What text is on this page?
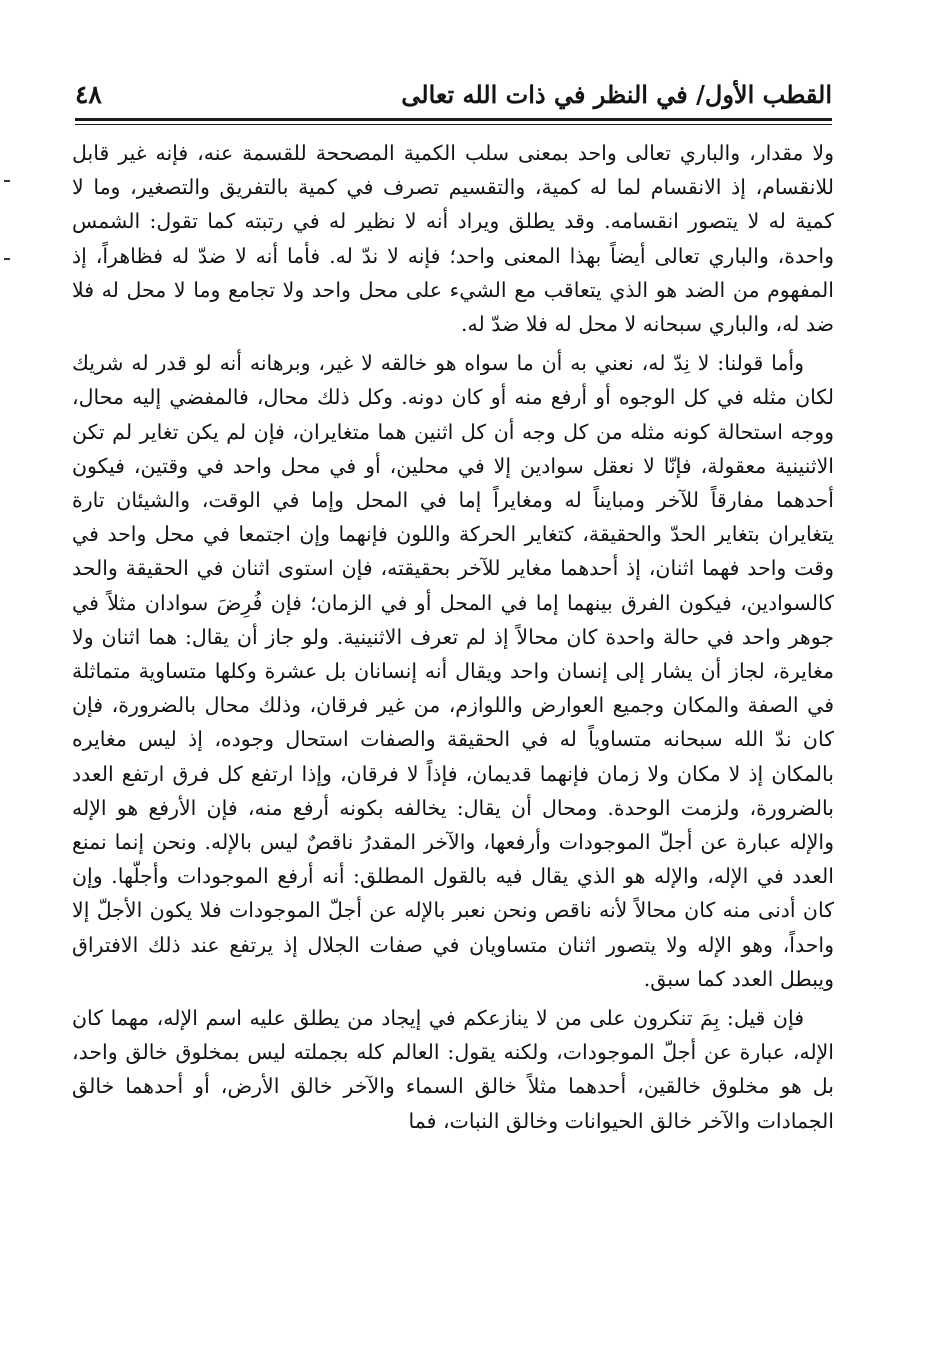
القطب الأول/ في النظر في ذات الله تعالى
٤٨

ولا مقدار، والباري تعالى واحد بمعنى سلب الكمية المصححة للقسمة عنه، فإنه غير قابل للانقسام، إذ الانقسام لما له كمية، والتقسيم تصرف في كمية بالتفريق والتصغير، وما لا كمية له لا يتصور انقسامه. وقد يطلق ويراد أنه لا نظير له في رتبته كما تقول: الشمس واحدة، والباري تعالى أيضاً بهذا المعنى واحد؛ فإنه لا ندّ له. فأما أنه لا ضدّ له فظاهراً، إذ المفهوم من الضد هو الذي يتعاقب مع الشيء على محل واحد ولا تجامع وما لا محل له فلا ضد له، والباري سبحانه لا محل له فلا ضدّ له.

وأما قولنا: لا نِدّ له، نعني به أن ما سواه هو خالقه لا غير، وبرهانه أنه لو قدر له شريك لكان مثله في كل الوجوه أو أرفع منه أو كان دونه. وكل ذلك محال، فالمفضي إليه محال، ووجه استحالة كونه مثله من كل وجه أن كل اثنين هما متغايران، فإن لم يكن تغاير لم تكن الاثنينية معقولة، فإنّا لا نعقل سوادين إلا في محلين، أو في محل واحد في وقتين، فيكون أحدهما مفارقاً للآخر ومبايناً له ومغايراً إما في المحل وإما في الوقت، والشيئان تارة يتغايران بتغاير الحدّ والحقيقة، كتغاير الحركة واللون فإنهما وإن اجتمعا في محل واحد في وقت واحد فهما اثنان، إذ أحدهما مغاير للآخر بحقيقته، فإن استوى اثنان في الحقيقة والحد كالسوادين، فيكون الفرق بينهما إما في المحل أو في الزمان؛ فإن فُرِضَ سوادان مثلاً في جوهر واحد في حالة واحدة كان محالاً إذ لم تعرف الاثنينية. ولو جاز أن يقال: هما اثنان ولا مغايرة، لجاز أن يشار إلى إنسان واحد ويقال أنه إنسانان بل عشرة وكلها متساوية متماثلة في الصفة والمكان وجميع العوارض واللوازم، من غير فرقان، وذلك محال بالضرورة، فإن كان ندّ الله سبحانه متساوياً له في الحقيقة والصفات استحال وجوده، إذ ليس مغايره بالمكان إذ لا مكان ولا زمان فإنهما قديمان، فإذاً لا فرقان، وإذا ارتفع كل فرق ارتفع العدد بالضرورة، ولزمت الوحدة. ومحال أن يقال: يخالفه بكونه أرفع منه، فإن الأرفع هو الإله والإله عبارة عن أجلّ الموجودات وأرفعها، والآخر المقدرُ ناقصٌ ليس بالإله. ونحن إنما نمنع العدد في الإله، والإله هو الذي يقال فيه بالقول المطلق: أنه أرفع الموجودات وأجلّها. وإن كان أدنى منه كان محالاً لأنه ناقص ونحن نعبر بالإله عن أجلّ الموجودات فلا يكون الأجلّ إلا واحداً، وهو الإله ولا يتصور اثنان متساويان في صفات الجلال إذ يرتفع عند ذلك الافتراق ويبطل العدد كما سبق.

فإن قيل: بِمَ تنكرون على من لا ينازعكم في إيجاد من يطلق عليه اسم الإله، مهما كان الإله، عبارة عن أجلّ الموجودات، ولكنه يقول: العالم كله بجملته ليس بمخلوق خالق واحد، بل هو مخلوق خالقين، أحدهما مثلاً خالق السماء والآخر خالق الأرض، أو أحدهما خالق الجمادات والآخر خالق الحيوانات وخالق النبات، فما
